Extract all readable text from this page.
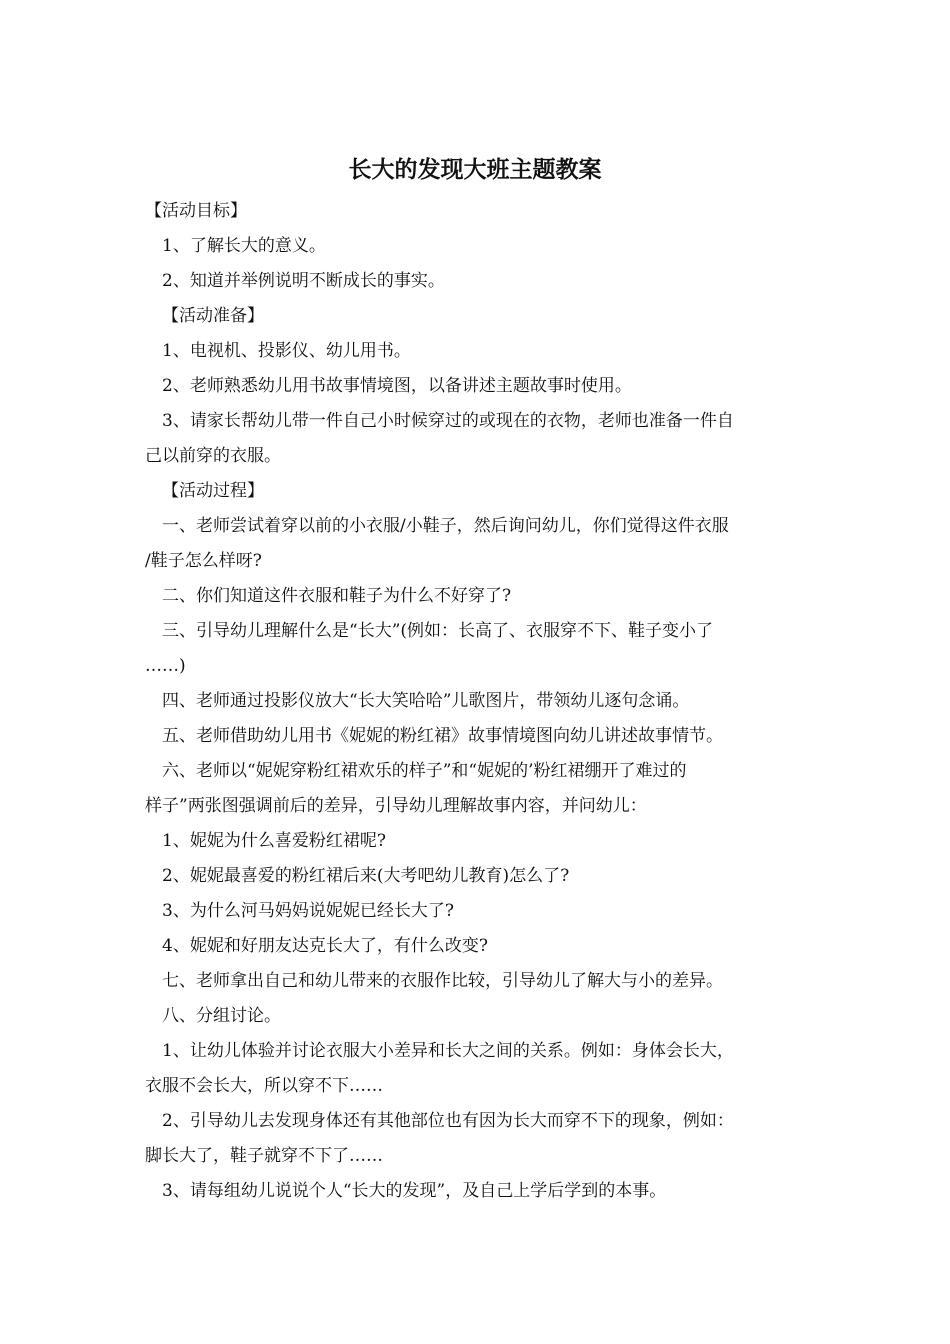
长大的发现大班主题教案
【活动目标】
1、了解长大的意义。
2、知道并举例说明不断成长的事实。
【活动准备】
1、电视机、投影仪、幼儿用书。
2、老师熟悉幼儿用书故事情境图，以备讲述主题故事时使用。
3、请家长帮幼儿带一件自己小时候穿过的或现在的衣物，老师也准备一件自
己以前穿的衣服。
【活动过程】
一、老师尝试着穿以前的小衣服/小鞋子，然后询问幼儿，你们觉得这件衣服
/鞋子怎么样呀?
二、你们知道这件衣服和鞋子为什么不好穿了?
三、引导幼儿理解什么是“长大”(例如：长高了、衣服穿不下、鞋子变小了
……)
四、老师通过投影仪放大“长大笑哈哈”儿歌图片，带领幼儿逐句念诵。
五、老师借助幼儿用书《妮妮的粉红裙》故事情境图向幼儿讲述故事情节。
六、老师以“妮妮穿粉红裙欢乐的样子”和“妮妮的’粉红裙绷开了难过的
样子”两张图强调前后的差异，引导幼儿理解故事内容，并问幼儿：
1、妮妮为什么喜爱粉红裙呢?
2、妮妮最喜爱的粉红裙后来(大考吧幼儿教育)怎么了?
3、为什么河马妈妈说妮妮已经长大了?
4、妮妮和好朋友达克长大了，有什么改变?
七、老师拿出自己和幼儿带来的衣服作比较，引导幼儿了解大与小的差异。
八、分组讨论。
1、让幼儿体验并讨论衣服大小差异和长大之间的关系。例如：身体会长大，
衣服不会长大，所以穿不下……
2、引导幼儿去发现身体还有其他部位也有因为长大而穿不下的现象，例如：
脚长大了，鞋子就穿不下了……
3、请每组幼儿说说个人“长大的发现”，及自己上学后学到的本事。
